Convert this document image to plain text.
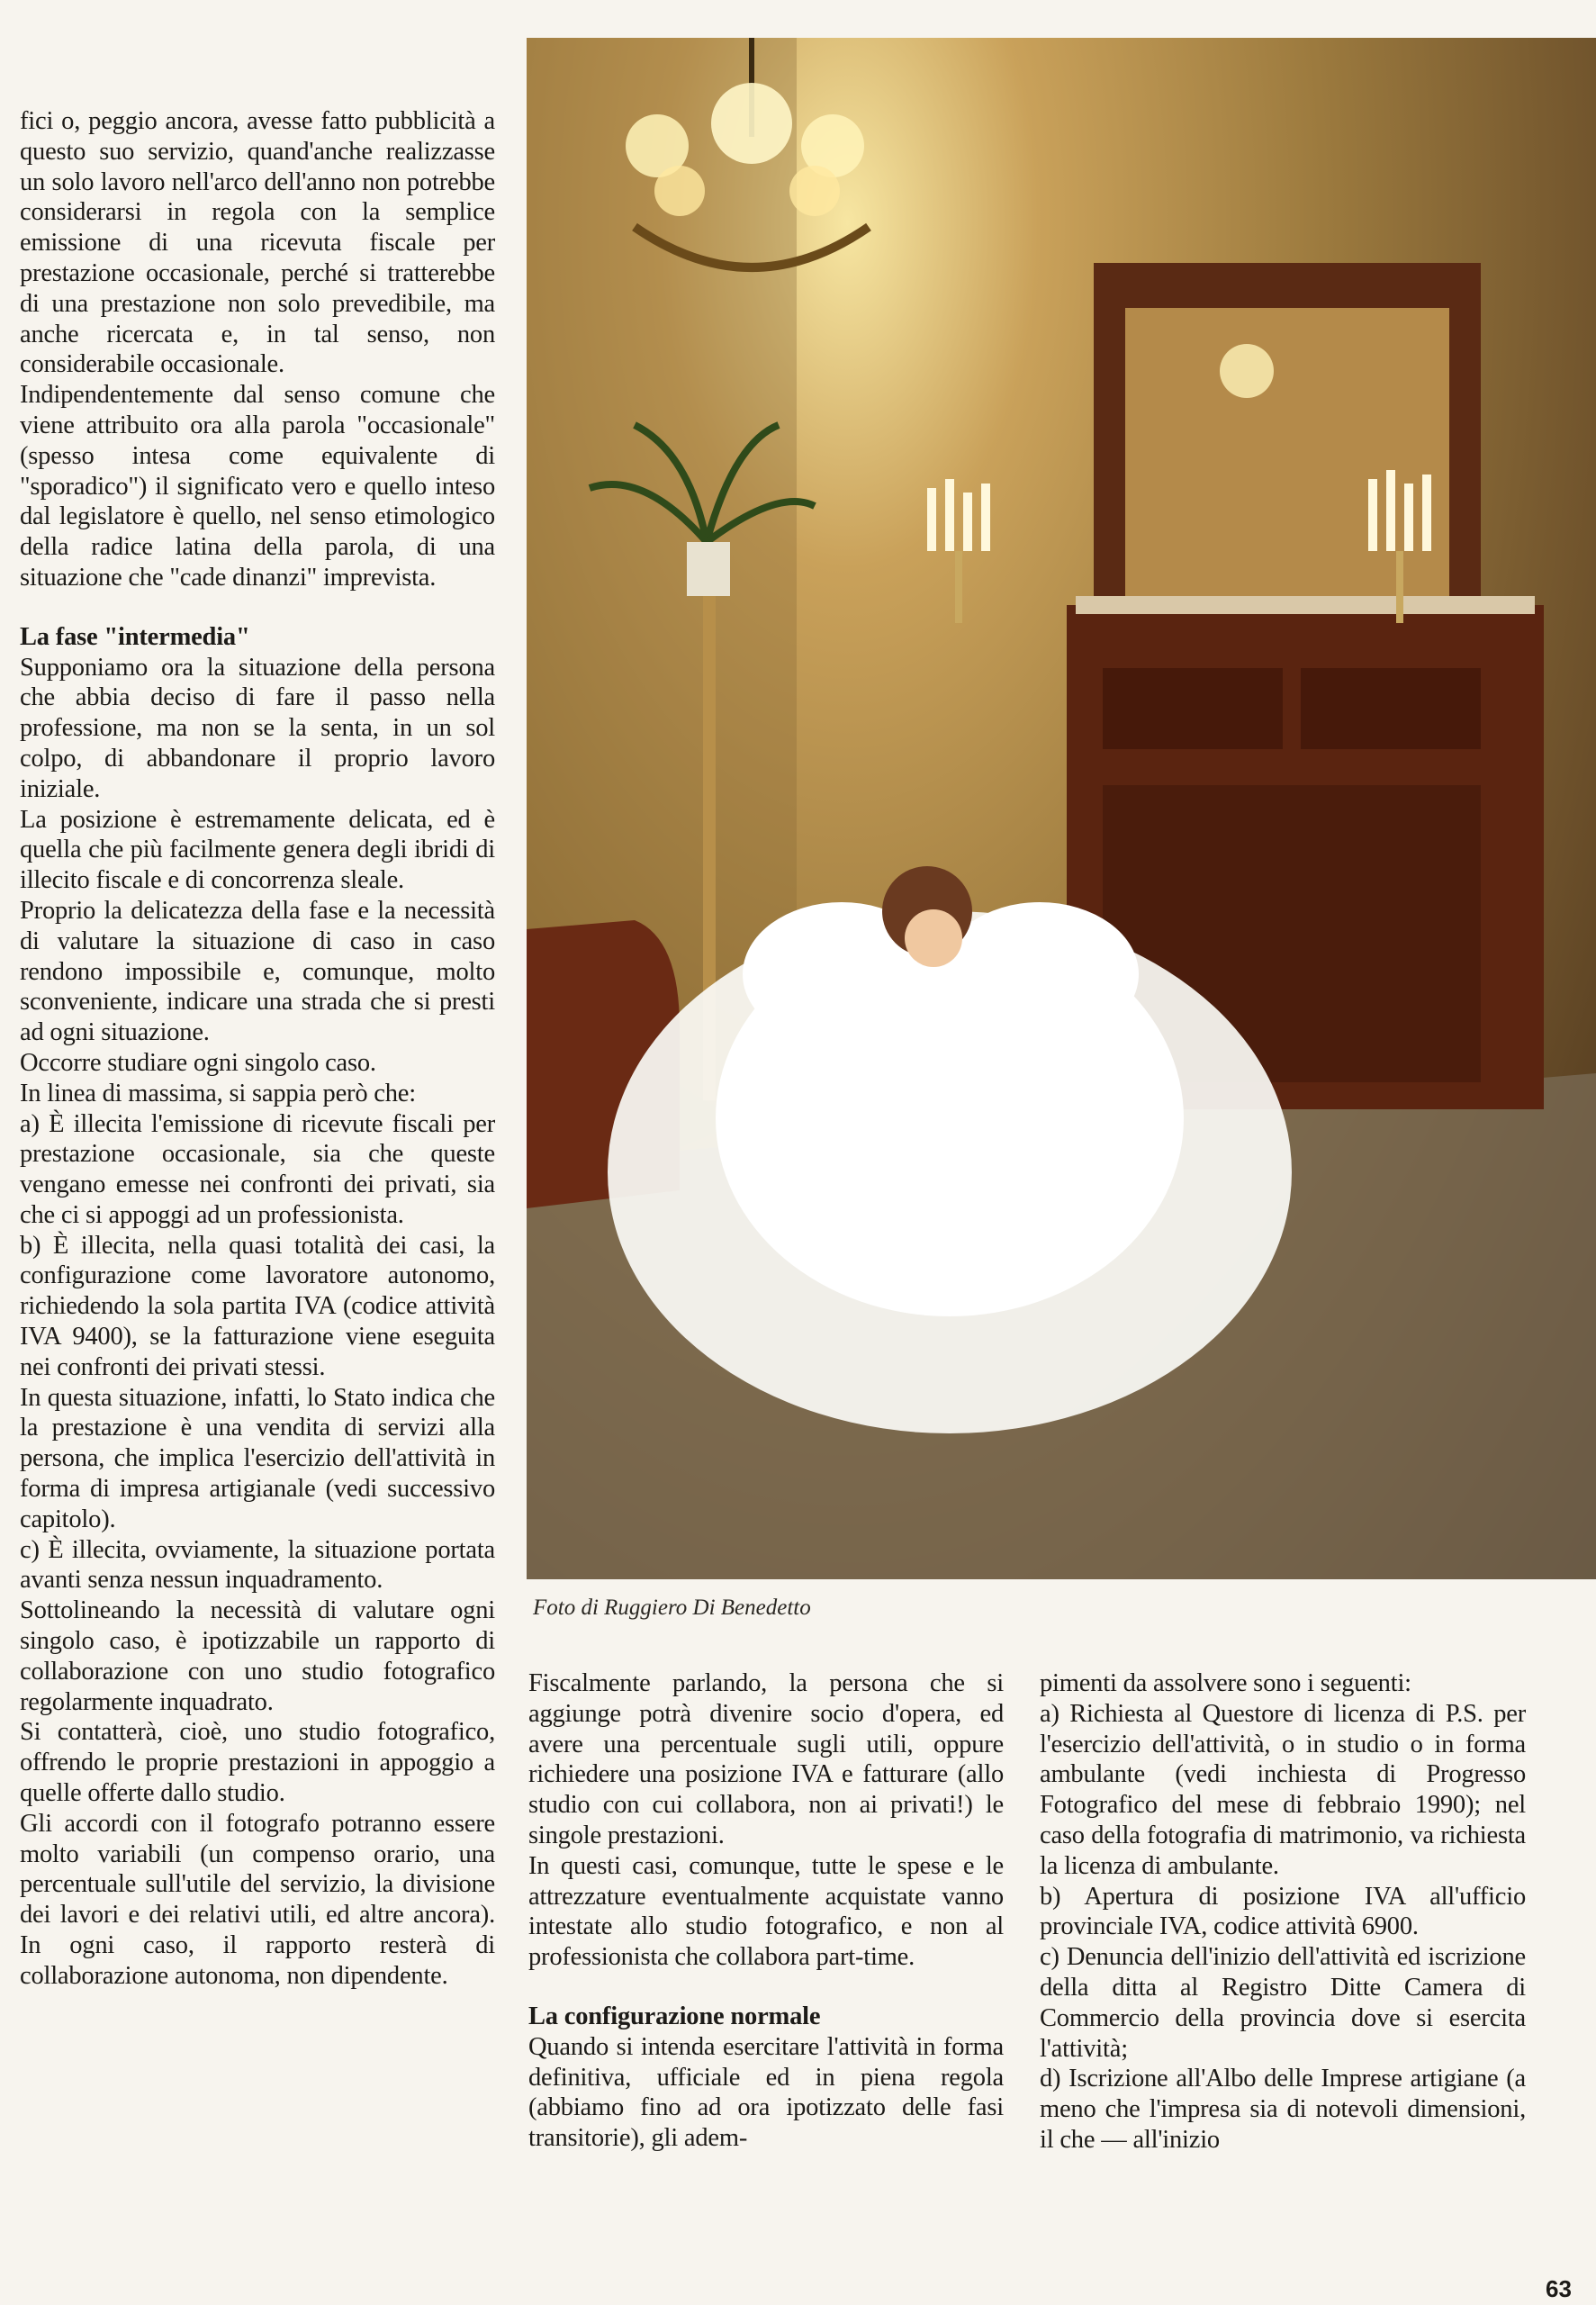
fici o, peggio ancora, avesse fatto pubblicità a questo suo servizio, quand'anche realizzasse un solo lavoro nell'arco dell'anno non potrebbe considerarsi in regola con la semplice emissione di una ricevuta fiscale per prestazione occasionale, perché si tratterebbe di una prestazione non solo prevedibile, ma anche ricercata e, in tal senso, non considerabile occasionale.

Indipendentemente dal senso comune che viene attribuito ora alla parola "occasionale" (spesso intesa come equivalente di "sporadico") il significato vero e quello inteso dal legislatore è quello, nel senso etimologico della radice latina della parola, di una situazione che "cade dinanzi" imprevista.

La fase "intermedia"

Supponiamo ora la situazione della persona che abbia deciso di fare il passo nella professione, ma non se la senta, in un sol colpo, di abbandonare il proprio lavoro iniziale.

La posizione è estremamente delicata, ed è quella che più facilmente genera degli ibridi di illecito fiscale e di concorrenza sleale.

Proprio la delicatezza della fase e la necessità di valutare la situazione di caso in caso rendono impossibile e, comunque, molto sconveniente, indicare una strada che si presti ad ogni situazione.

Occorre studiare ogni singolo caso.

In linea di massima, si sappia però che:

a) È illecita l'emissione di ricevute fiscali per prestazione occasionale, sia che queste vengano emesse nei confronti dei privati, sia che ci si appoggi ad un professionista.

b) È illecita, nella quasi totalità dei casi, la configurazione come lavoratore autonomo, richiedendo la sola partita IVA (codice attività IVA 9400), se la fatturazione viene eseguita nei confronti dei privati stessi.

In questa situazione, infatti, lo Stato indica che la prestazione è una vendita di servizi alla persona, che implica l'esercizio dell'attività in forma di impresa artigianale (vedi successivo capitolo).

c) È illecita, ovviamente, la situazione portata avanti senza nessun inquadramento.

Sottolineando la necessità di valutare ogni singolo caso, è ipotizzabile un rapporto di collaborazione con uno studio fotografico regolarmente inquadrato.

Si contatterà, cioè, uno studio fotografico, offrendo le proprie prestazioni in appoggio a quelle offerte dallo studio.

Gli accordi con il fotografo potranno essere molto variabili (un compenso orario, una percentuale sull'utile del servizio, la divisione dei lavori e dei relativi utili, ed altre ancora). In ogni caso, il rapporto resterà di collaborazione autonoma, non dipendente.

Foto di Ruggiero Di Benedetto

Fiscalmente parlando, la persona che si aggiunge potrà divenire socio d'opera, ed avere una percentuale sugli utili, oppure richiedere una posizione IVA e fatturare (allo studio con cui collabora, non ai privati!) le singole prestazioni.

In questi casi, comunque, tutte le spese e le attrezzature eventualmente acquistate vanno intestate allo studio fotografico, e non al professionista che collabora part-time.

La configurazione normale

Quando si intenda esercitare l'attività in forma definitiva, ufficiale ed in piena regola (abbiamo fino ad ora ipotizzato delle fasi transitorie), gli adem-

pimenti da assolvere sono i seguenti:

a) Richiesta al Questore di licenza di P.S. per l'esercizio dell'attività, o in studio o in forma ambulante (vedi inchiesta di Progresso Fotografico del mese di febbraio 1990); nel caso della fotografia di matrimonio, va richiesta la licenza di ambulante.

b) Apertura di posizione IVA all'ufficio provinciale IVA, codice attività 6900.

c) Denuncia dell'inizio dell'attività ed iscrizione della ditta al Registro Ditte Camera di Commercio della provincia dove si esercita l'attività;

d) Iscrizione all'Albo delle Imprese artigiane (a meno che l'impresa sia di notevoli dimensioni, il che — all'inizio

63
